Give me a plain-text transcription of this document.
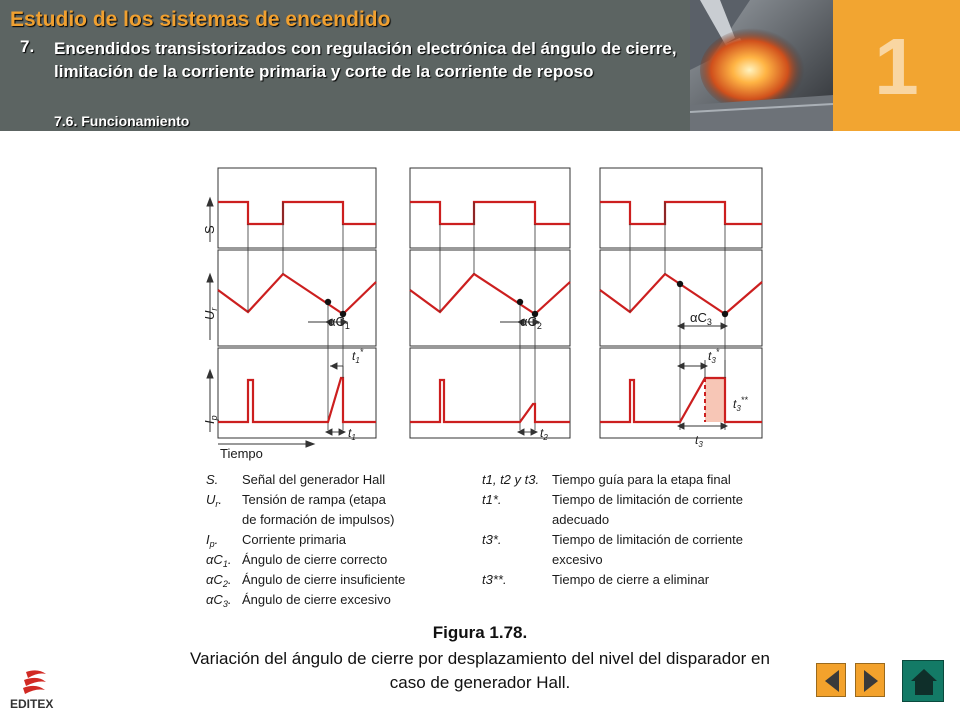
Estudio de los sistemas de encendido
7. Encendidos transistorizados con regulación electrónica del ángulo de cierre, limitación de la corriente primaria y corte de la corriente de reposo
7.6. Funcionamiento
1
S
$U_r$
$I_p$
Tiempo
$\alpha C_1$	$\alpha C_2$
$\alpha C_3$
$t_1^*$
$t_1$	$t_2$	$t_3$
$t_3^*$
$t_3^{**}$
S. Señal del generador Hall
$U_r$. Tensión de rampa (etapa
de formación de impulsos)
$I_p$. Corriente primaria
$\alpha C_1$. Ángulo de cierre correcto
$\alpha C_2$. Ángulo de cierre insuficiente
$\alpha C_3$. Ángulo de cierre excesivo
t1, t2 y t3. Tiempo guía para la etapa final
t1*.	Tiempo de limitación de corriente
adecuado
t3*.	Tiempo de limitación de corriente
excesivo
t3**.	Tiempo de cierre a eliminar
Figura 1.78.
Variación del ángulo de cierre por desplazamiento del nivel del disparador en caso de generador Hall.
EDITEX
